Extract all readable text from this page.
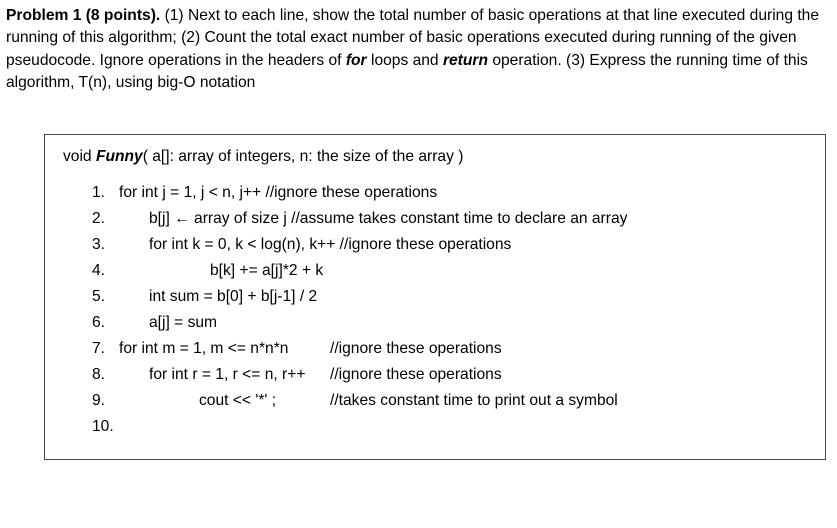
Problem 1 (8 points). (1) Next to each line, show the total number of basic operations at that line executed during the running of this algorithm; (2) Count the total exact number of basic operations executed during running of the given pseudocode. Ignore operations in the headers of for loops and return operation. (3) Express the running time of this algorithm, T(n), using big-O notation
void Funny( a[]: array of integers, n: the size of the array )
1. for int j = 1, j < n, j++ //ignore these operations
2.	b[j] ← array of size j //assume takes constant time to declare an array
3.	for int k = 0, k < log(n), k++ //ignore these operations
4.	b[k] += a[j]*2 + k
5.	int sum = b[0] + b[j-1] / 2
6.	a[j] = sum
7. for int m = 1, m <= n*n*n	//ignore these operations
8.	for int r = 1, r <= n, r++ //ignore these operations
9.	cout << '*' ;	//takes constant time to print out a symbol
10.
